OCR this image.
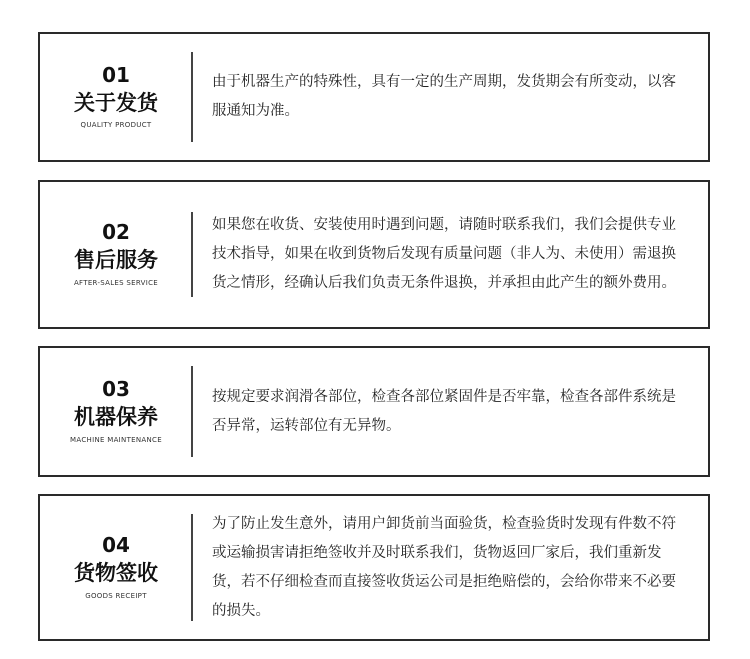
01
关于发货
QUALITY PRODUCT
由于机器生产的特殊性，具有一定的生产周期，发货期会有所变动，以客服通知为准。
02
售后服务
AFTER-SALES SERVICE
如果您在收货、安装使用时遇到问题，请随时联系我们，我们会提供专业技术指导，如果在收到货物后发现有质量问题（非人为、未使用）需退换货之情形，经确认后我们负责无条件退换，并承担由此产生的额外费用。
03
机器保养
MACHINE MAINTENANCE
按规定要求润滑各部位，检查各部位紧固件是否牢靠，检查各部件系统是否异常，运转部位有无异物。
04
货物签收
GOODS RECEIPT
为了防止发生意外，请用户卸货前当面验货，检查验货时发现有件数不符或运输损害请拒绝签收并及时联系我们，货物返回厂家后，我们重新发货，若不仔细检查而直接签收货运公司是拒绝赔偿的，会给你带来不必要的损失。
